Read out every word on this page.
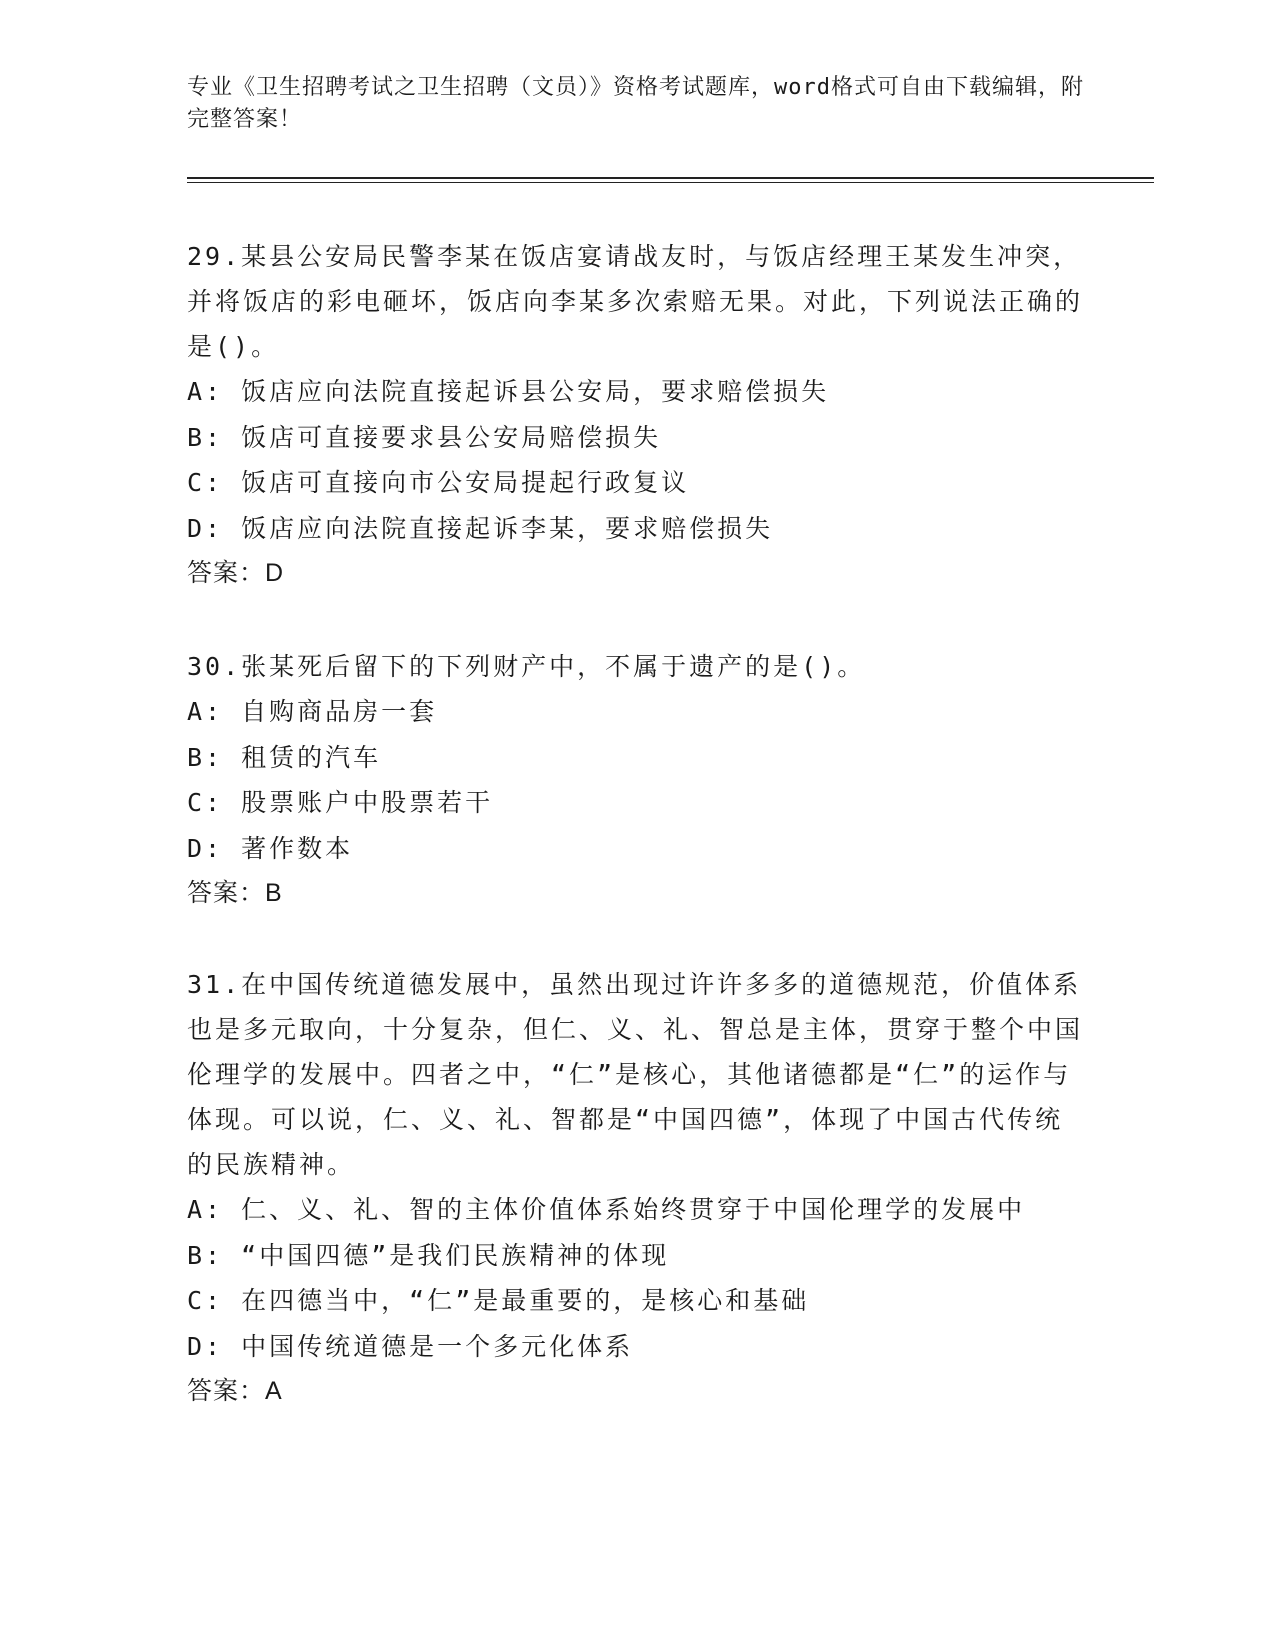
专业《卫生招聘考试之卫生招聘（文员）》资格考试题库，word格式可自由下载编辑，附完整答案！
29.某县公安局民警李某在饭店宴请战友时，与饭店经理王某发生冲突，并将饭店的彩电砸坏，饭店向李某多次索赔无果。对此，下列说法正确的是()。
A: 饭店应向法院直接起诉县公安局，要求赔偿损失
B: 饭店可直接要求县公安局赔偿损失
C: 饭店可直接向市公安局提起行政复议
D: 饭店应向法院直接起诉李某，要求赔偿损失
答案：D
30.张某死后留下的下列财产中，不属于遗产的是()。
A: 自购商品房一套
B: 租赁的汽车
C: 股票账户中股票若干
D: 著作数本
答案：B
31.在中国传统道德发展中，虽然出现过许许多多的道德规范，价值体系也是多元取向，十分复杂，但仁、义、礼、智总是主体，贯穿于整个中国伦理学的发展中。四者之中，“仁”是核心，其他诸德都是“仁”的运作与体现。可以说，仁、义、礼、智都是“中国四德”，体现了中国古代传统的民族精神。
A: 仁、义、礼、智的主体价值体系始终贯穿于中国伦理学的发展中
B: “中国四德”是我们民族精神的体现
C: 在四德当中，“仁”是最重要的，是核心和基础
D: 中国传统道德是一个多元化体系
答案：A
